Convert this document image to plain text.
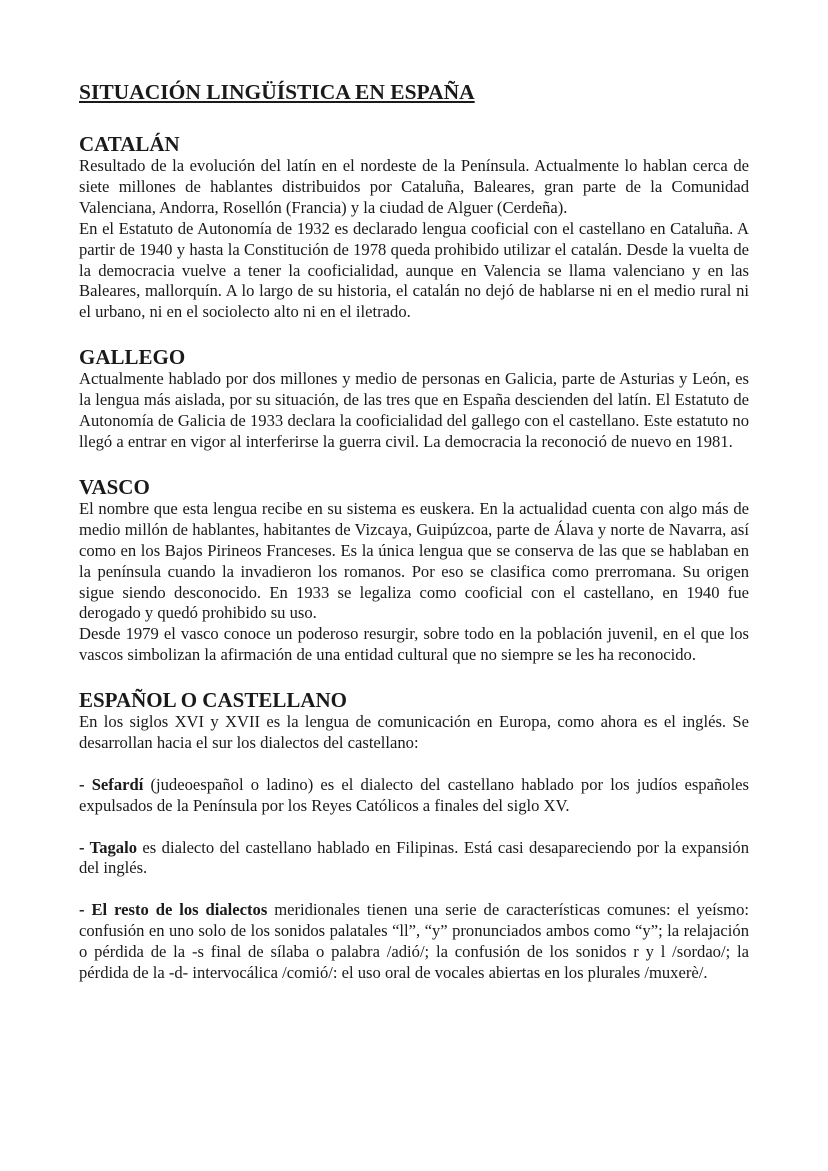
SITUACIÓN LINGÜÍSTICA EN ESPAÑA
CATALÁN

Resultado de la evolución del latín en el nordeste de la Península. Actualmente lo hablan cerca de siete millones de hablantes distribuidos por Cataluña, Baleares, gran parte de la Comunidad Valenciana, Andorra, Rosellón (Francia) y la ciudad de Alguer (Cerdeña).

En el Estatuto de Autonomía de 1932 es declarado lengua cooficial con el castellano en Cataluña. A partir de 1940 y hasta la Constitución de 1978 queda prohibido utilizar el catalán. Desde la vuelta de la democracia vuelve a tener la cooficialidad, aunque en Valencia se llama valenciano y en las Baleares, mallorquín. A lo largo de su historia, el catalán no dejó de hablarse ni en el medio rural ni el urbano, ni en el sociolecto alto ni en el iletrado.

GALLEGO

Actualmente hablado por dos millones y medio de personas en Galicia, parte de Asturias y León, es la lengua más aislada, por su situación, de las tres que en España descienden del latín. El Estatuto de Autonomía de Galicia de 1933 declara la cooficialidad del gallego con el castellano. Este estatuto no llegó a entrar en vigor al interferirse la guerra civil. La democracia la reconoció de nuevo en 1981.

VASCO

El nombre que esta lengua recibe en su sistema es euskera. En la actualidad cuenta con algo más de medio millón de hablantes, habitantes de Vizcaya, Guipúzcoa, parte de Álava y norte de Navarra, así como en los Bajos Pirineos Franceses. Es la única lengua que se conserva de las que se hablaban en la península cuando la invadieron los romanos. Por eso se clasifica como prerromana. Su origen sigue siendo desconocido. En 1933 se legaliza como cooficial con el castellano, en 1940 fue derogado y quedó prohibido su uso.

Desde 1979 el vasco conoce un poderoso resurgir, sobre todo en la población juvenil, en el que los vascos simbolizan la afirmación de una entidad cultural que no siempre se les ha reconocido.

ESPAÑOL O CASTELLANO

En los siglos XVI y XVII es la lengua de comunicación en Europa, como ahora es el inglés. Se desarrollan hacia el sur los dialectos del castellano:

- Sefardí (judeoespañol o ladino) es el dialecto del castellano hablado por los judíos españoles expulsados de la Península por los Reyes Católicos a finales del siglo XV.

- Tagalo es dialecto del castellano hablado en Filipinas. Está casi desapareciendo por la expansión del inglés.

- El resto de los dialectos meridionales tienen una serie de características comunes: el yeísmo: confusión en uno solo de los sonidos palatales “ll”, “y” pronunciados ambos como “y”; la relajación o pérdida de la -s final de sílaba o palabra /adió/; la confusión de los sonidos r y l /sordao/; la pérdida de la -d- intervocálica /comió/: el uso oral de vocales abiertas en los plurales /muxerè/.
